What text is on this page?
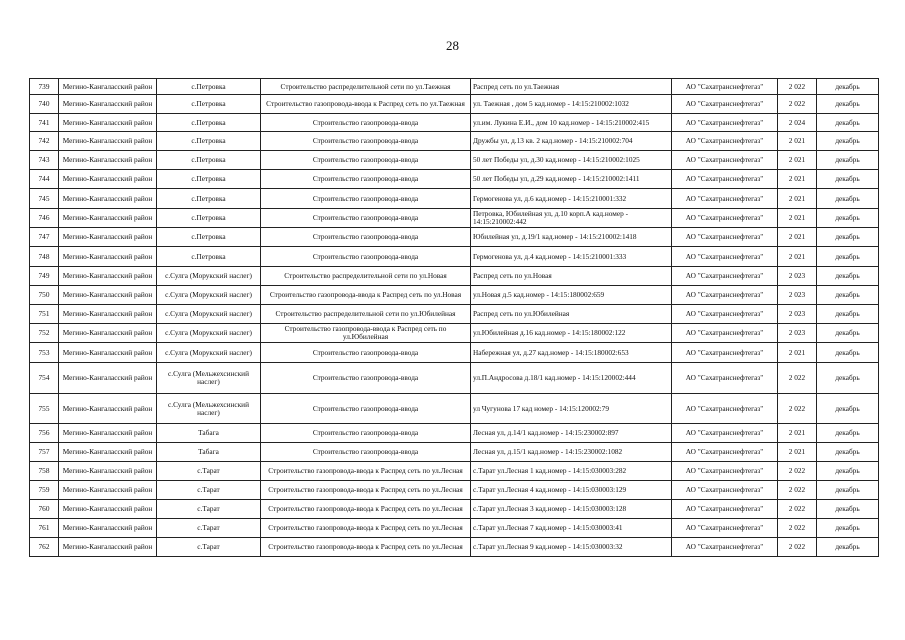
28
739	Мегино-Кангаласский район	с.Петровка	Строительство распределительной сети по ул.Таежная	Распред сеть по ул.Таежная	АО "Сахатранснефтегаз"	2 022	декабрь
740	Мегино-Кангаласский район	с.Петровка	Строительство газопровода-ввода к Распред сеть по ул.Таежная	ул. Таежная , дом 5 кад.номер - 14:15:210002:1032	АО "Сахатранснефтегаз"	2 022	декабрь
741	Мегино-Кангаласский район	с.Петровка	Строительство газопровода-ввода	ул.им. Лукина Е.И., дом 10 кад.номер - 14:15:210002:415	АО "Сахатранснефтегаз"	2 024	декабрь
742	Мегино-Кангаласский район	с.Петровка	Строительство газопровода-ввода	Дружбы ул, д.13 кв. 2 кад.номер - 14:15:210002:704	АО "Сахатранснефтегаз"	2 021	декабрь
743	Мегино-Кангаласский район	с.Петровка	Строительство газопровода-ввода	50 лет Победы ул, д.30 кад.номер - 14:15:210002:1025	АО "Сахатранснефтегаз"	2 021	декабрь
744	Мегино-Кангаласский район	с.Петровка	Строительство газопровода-ввода	50 лет Победы ул, д.29 кад.номер - 14:15:210002:1411	АО "Сахатранснефтегаз"	2 021	декабрь
745	Мегино-Кангаласский район	с.Петровка	Строительство газопровода-ввода	Гермогенова ул, д.6 кад.номер - 14:15:210001:332	АО "Сахатранснефтегаз"	2 021	декабрь
746	Мегино-Кангаласский район	с.Петровка	Строительство газопровода-ввода	Петровка, Юбилейная ул, д.10 корп.А кад.номер - 14:15:210002:442	АО "Сахатранснефтегаз"	2 021	декабрь
747	Мегино-Кангаласский район	с.Петровка	Строительство газопровода-ввода	Юбилейная ул, д.19/1 кад.номер - 14:15:210002:1418	АО "Сахатранснефтегаз"	2 021	декабрь
748	Мегино-Кангаласский район	с.Петровка	Строительство газопровода-ввода	Гермогенова ул, д.4 кад.номер - 14:15:210001:333	АО "Сахатранснефтегаз"	2 021	декабрь
749	Мегино-Кангаласский район	с.Сулга (Морукский наслег)	Строительство распределительной сети по ул.Новая	Распред сеть по ул.Новая	АО "Сахатранснефтегаз"	2 023	декабрь
750	Мегино-Кангаласский район	с.Сулга (Морукский наслег)	Строительство газопровода-ввода к Распред сеть по ул.Новая	ул.Новая д.5 кад.номер - 14:15:180002:659	АО "Сахатранснефтегаз"	2 023	декабрь
751	Мегино-Кангаласский район	с.Сулга (Морукский наслег)	Строительство распределительной сети по ул.Юбилейная	Распред сеть по ул.Юбилейная	АО "Сахатранснефтегаз"	2 023	декабрь
752	Мегино-Кангаласский район	с.Сулга (Морукский наслег)	Строительство газопровода-ввода к Распред сеть по ул.Юбилейная	ул.Юбилейная д.16 кад.номер - 14:15:180002:122	АО "Сахатранснефтегаз"	2 023	декабрь
753	Мегино-Кангаласский район	с.Сулга (Морукский наслег)	Строительство газопровода-ввода	Набережная ул, д.27 кад.номер - 14:15:180002:653	АО "Сахатранснефтегаз"	2 021	декабрь
754	Мегино-Кангаласский район	с.Сулга (Мельжехсинский наслег)	Строительство газопровода-ввода	ул.П.Андросова д.18/1 кад.номер - 14:15:120002:444	АО "Сахатранснефтегаз"	2 022	декабрь
755	Мегино-Кангаласский район	с.Сулга (Мельжехсинский наслег)	Строительство газопровода-ввода	ул Чугунова 17 кад номер - 14:15:120002:79	АО "Сахатранснефтегаз"	2 022	декабрь
756	Мегино-Кангаласский район	Табага	Строительство газопровода-ввода	Лесная ул, д.14/1 кад.номер - 14:15:230002:897	АО "Сахатранснефтегаз"	2 021	декабрь
757	Мегино-Кангаласский район	Табага	Строительство газопровода-ввода	Лесная ул, д.15/1 кад.номер - 14:15:230002:1082	АО "Сахатранснефтегаз"	2 021	декабрь
758	Мегино-Кангаласский район	с.Тарат	Строительство газопровода-ввода к Распред сеть по ул.Лесная	с.Тарат ул.Лесная 1 кад.номер - 14:15:030003:282	АО "Сахатранснефтегаз"	2 022	декабрь
759	Мегино-Кангаласский район	с.Тарат	Строительство газопровода-ввода к Распред сеть по ул.Лесная	с.Тарат ул.Лесная 4 кад.номер - 14:15:030003:129	АО "Сахатранснефтегаз"	2 022	декабрь
760	Мегино-Кангаласский район	с.Тарат	Строительство газопровода-ввода к Распред сеть по ул.Лесная	с.Тарат ул.Лесная 3 кад.номер - 14:15:030003:128	АО "Сахатранснефтегаз"	2 022	декабрь
761	Мегино-Кангаласский район	с.Тарат	Строительство газопровода-ввода к Распред сеть по ул.Лесная	с.Тарат ул.Лесная 7 кад.номер - 14:15:030003:41	АО "Сахатранснефтегаз"	2 022	декабрь
762	Мегино-Кангаласский район	с.Тарат	Строительство газопровода-ввода к Распред сеть по ул.Лесная	с.Тарат ул.Лесная 9 кад.номер - 14:15:030003:32	АО "Сахатранснефтегаз"	2 022	декабрь
